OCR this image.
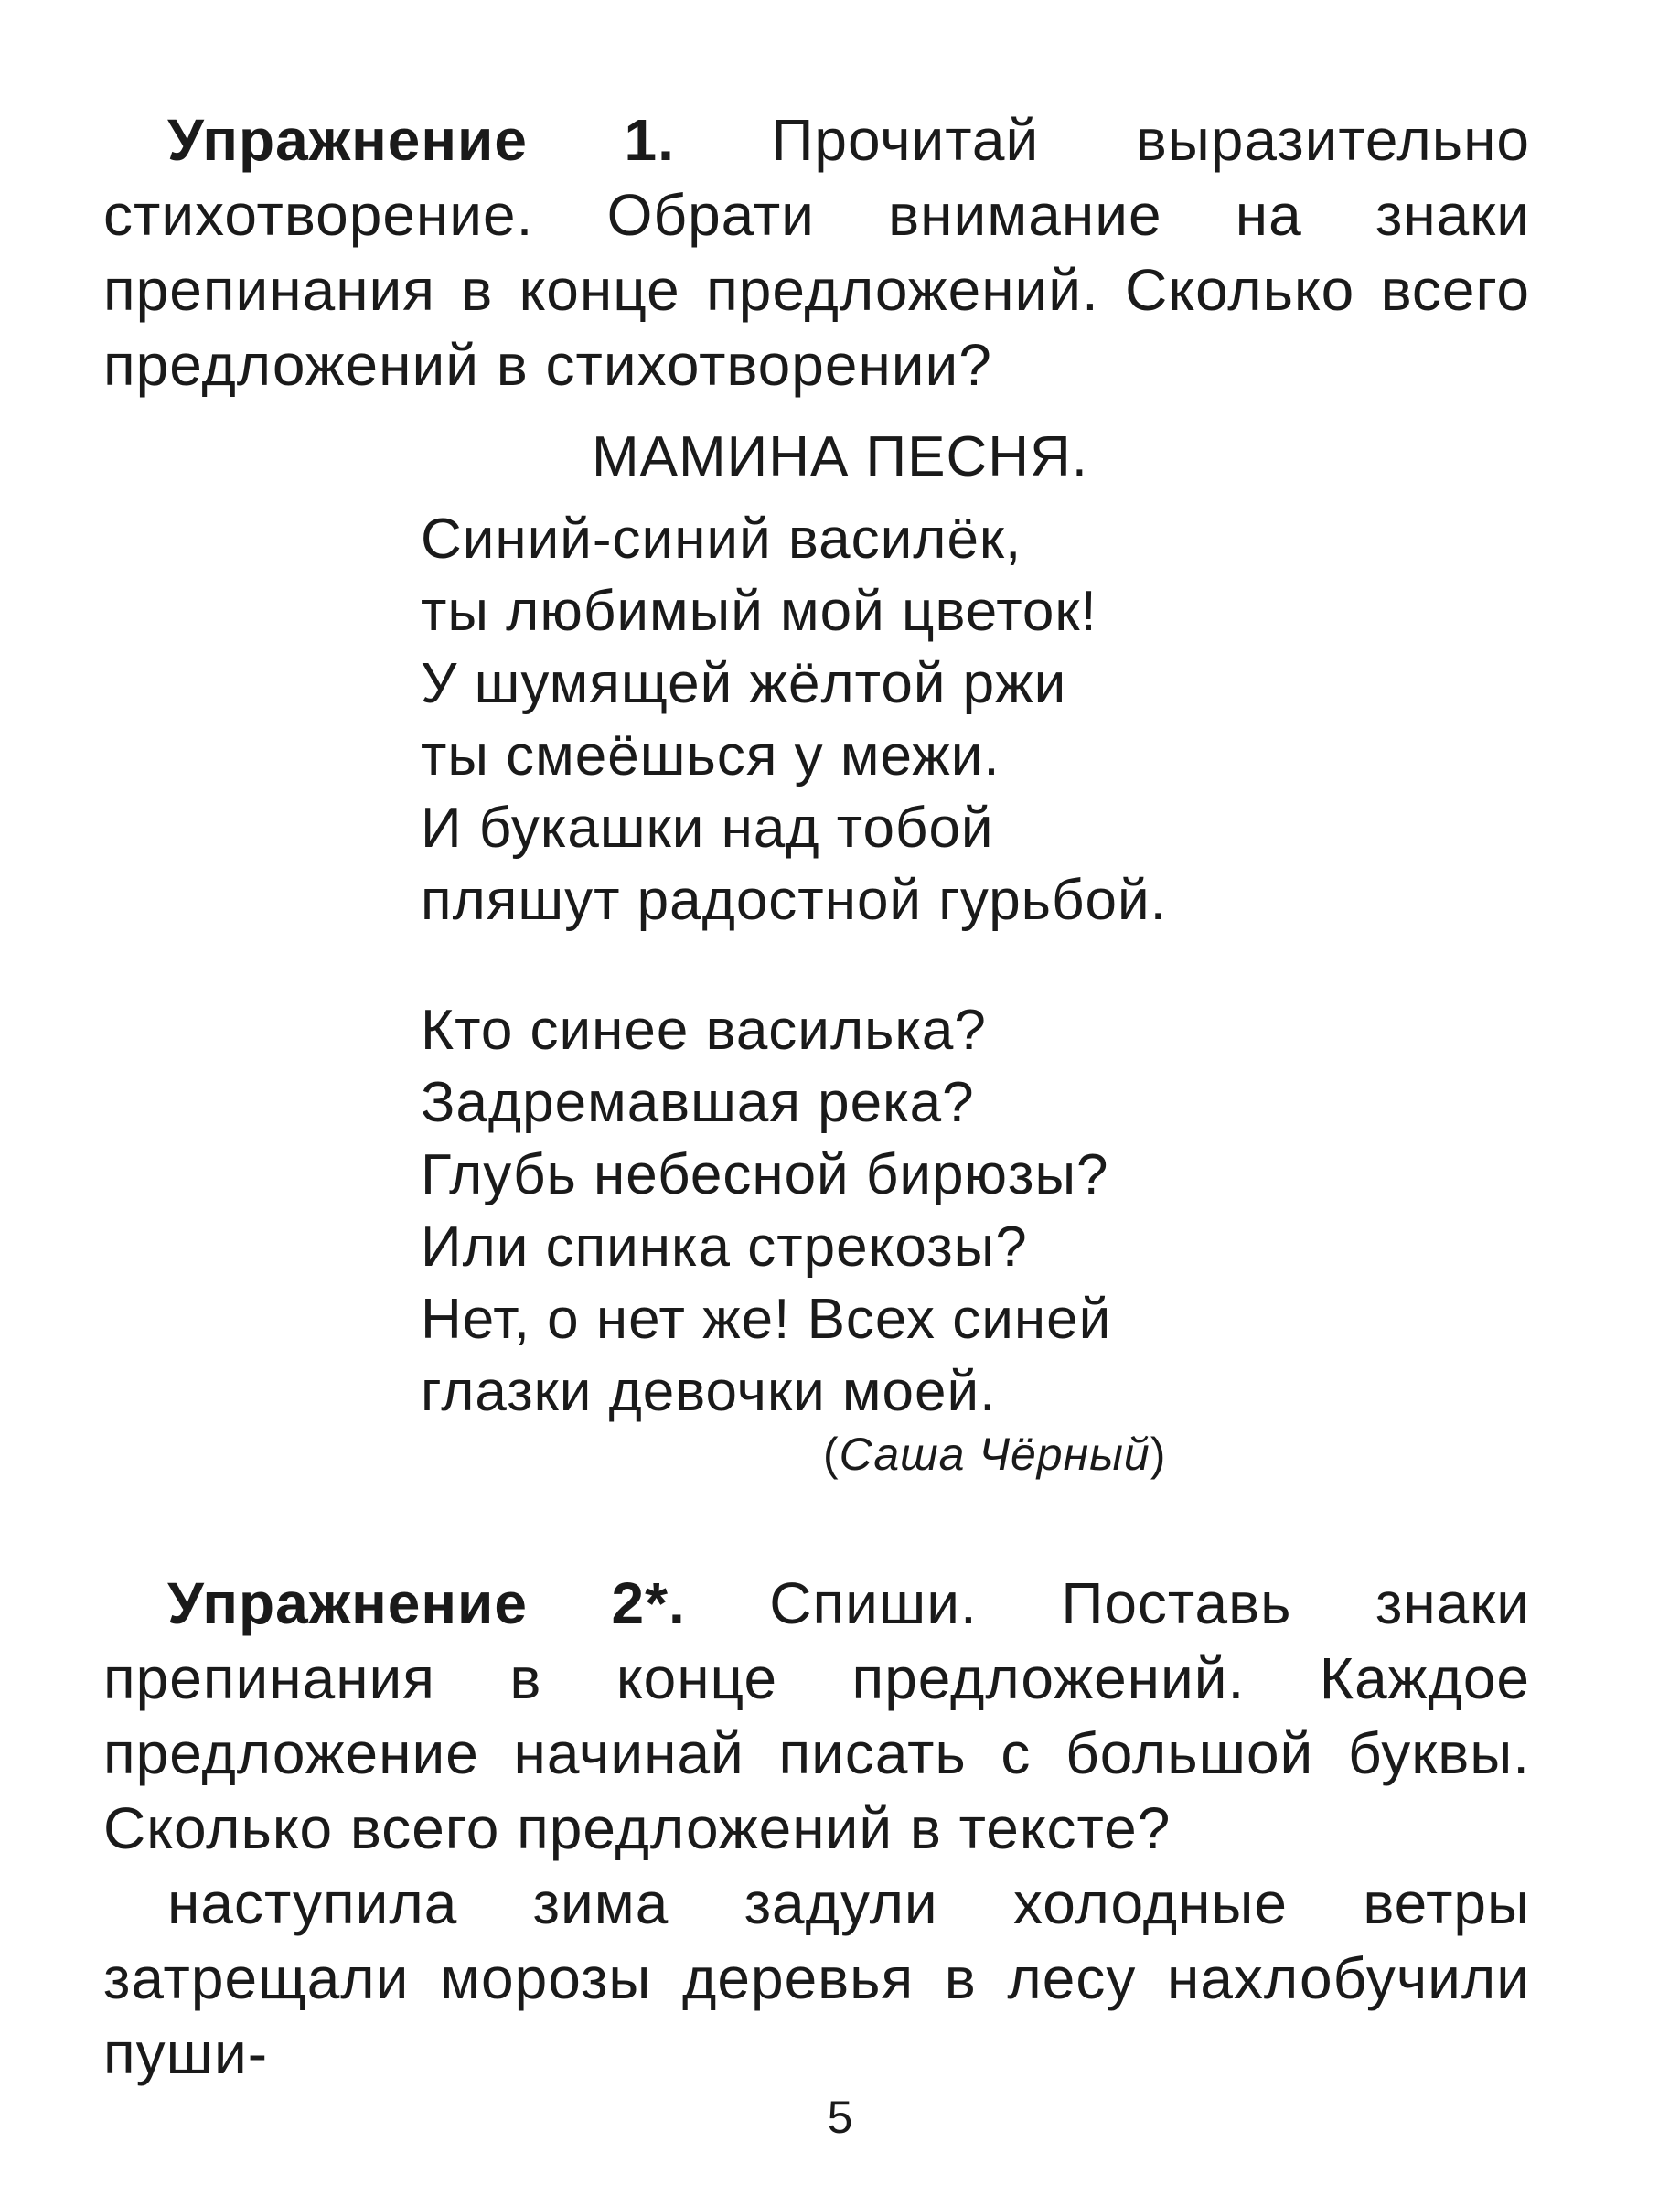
Упражнение 1. Прочитай выразительно стихотворение. Обрати внимание на знаки препинания в конце предложений. Сколько всего предложений в стихотворении?
МАМИНА ПЕСНЯ.
Синий-синий василёк,
ты любимый мой цветок!
У шумящей жёлтой ржи
ты смеёшься у межи.
И букашки над тобой
пляшут радостной гурьбой.
Кто синее василька?
Задремавшая река?
Глубь небесной бирюзы?
Или спинка стрекозы?
Нет, о нет же! Всех синей
глазки девочки моей.
(Саша Чёрный)
Упражнение 2*. Спиши. Поставь знаки препинания в конце предложений. Каждое предложение начинай писать с большой буквы. Сколько всего предложений в тексте?
наступила зима задули холодные ветры затрещали морозы деревья в лесу нахлобучили пуши-
5
